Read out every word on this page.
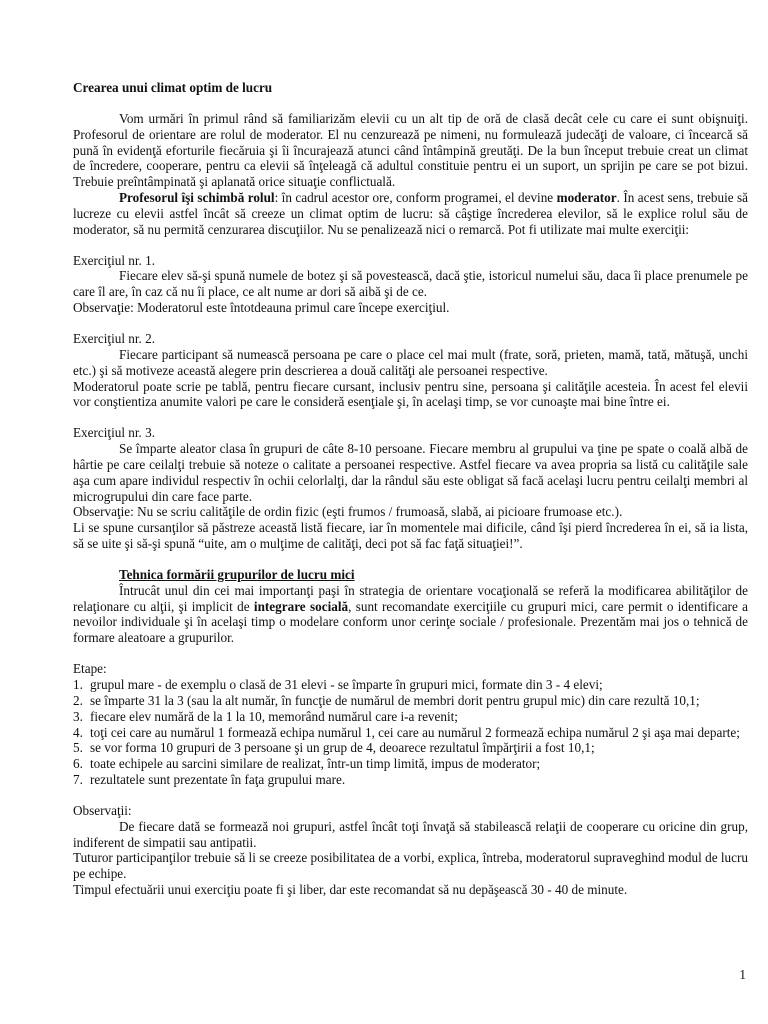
Crearea unui climat optim de lucru

Vom urmări în primul rând să familiarizăm elevii cu un alt tip de oră de clasă decât cele cu care ei sunt obişnuiţi. Profesorul de orientare are rolul de moderator. El nu cenzurează pe nimeni, nu formulează judecăţi de valoare, ci încearcă să pună în evidenţă eforturile fiecăruia şi îi încurajează atunci când întâmpină greutăţi. De la bun început trebuie creat un climat de încredere, cooperare, pentru ca elevii să înţeleagă că adultul constituie pentru ei un suport, un sprijin pe care se pot bizui. Trebuie preîntâmpinată şi aplanată orice situaţie conflictuală.

Profesorul îşi schimbă rolul: în cadrul acestor ore, conform programei, el devine moderator. În acest sens, trebuie să lucreze cu elevii astfel încât să creeze un climat optim de lucru: să câştige încrederea elevilor, să le explice rolul său de moderator, să nu permită cenzurarea discuţiilor. Nu se penalizează nici o remarcă. Pot fi utilizate mai multe exerciţii:

Exerciţiul nr. 1.

Fiecare elev să-şi spună numele de botez şi să povestească, dacă ştie, istoricul numelui său, daca îi place prenumele pe care îl are, în caz că nu îi place, ce alt nume ar dori să aibă şi de ce.

Observaţie: Moderatorul este întotdeauna primul care începe exerciţiul.

Exerciţiul nr. 2.

Fiecare participant să numească persoana pe care o place cel mai mult (frate, soră, prieten, mamă, tată, mătuşă, unchi etc.) şi să motiveze această alegere prin descrierea a două calităţi ale persoanei respective.

Moderatorul poate scrie pe tablă, pentru fiecare cursant, inclusiv pentru sine, persoana şi calităţile acesteia. În acest fel elevii vor conştientiza anumite valori pe care le consideră esenţiale şi, în acelaşi timp, se vor cunoaşte mai bine între ei.

Exerciţiul nr. 3.

Se împarte aleator clasa în grupuri de câte 8-10 persoane. Fiecare membru al grupului va ţine pe spate o coală albă de hârtie pe care ceilalţi trebuie să noteze o calitate a persoanei respective. Astfel fiecare va avea propria sa listă cu calităţile sale aşa cum apare individul respectiv în ochii celorlalţi, dar la rândul său este obligat să facă acelaşi lucru pentru ceilalţi membri al microgrupului din care face parte.

Observaţie: Nu se scriu calităţile de ordin fizic (eşti frumos / frumoasă, slabă, ai picioare frumoase etc.).

Li se spune cursanţilor să păstreze această listă fiecare, iar în momentele mai dificile, când îşi pierd încrederea în ei, să ia lista, să se uite şi să-şi spună “uite, am o mulţime de calităţi, deci pot să fac faţă situaţiei!”.

Tehnica formării grupurilor de lucru mici

Întrucât unul din cei mai importanţi paşi în strategia de orientare vocaţională se referă la modificarea abilităţilor de relaţionare cu alţii, şi implicit de integrare socială, sunt recomandate exerciţiile cu grupuri mici, care permit o identificare a nevoilor individuale şi în acelaşi timp o modelare conform unor cerinţe sociale / profesionale. Prezentăm mai jos o tehnică de formare aleatoare a grupurilor.

Etape:

1. grupul mare - de exemplu o clasă de 31 elevi - se împarte în grupuri mici, formate din 3 - 4 elevi;
2. se împarte 31 la 3 (sau la alt număr, în funcţie de numărul de membri dorit pentru grupul mic) din care rezultă 10,1;
3. fiecare elev numără de la 1 la 10, memorând numărul care i-a revenit;
4. toţi cei care au numărul 1 formează echipa numărul 1, cei care au numărul 2 formează echipa numărul 2 şi aşa mai departe;
5. se vor forma 10 grupuri de 3 persoane şi un grup de 4, deoarece rezultatul împărţirii a fost 10,1;
6. toate echipele au sarcini similare de realizat, într-un timp limită, impus de moderator;
7. rezultatele sunt prezentate în faţa grupului mare.

Observaţii:

De fiecare dată se formează noi grupuri, astfel încât toţi învaţă să stabilească relaţii de cooperare cu oricine din grup, indiferent de simpatii sau antipatii.

Tuturor participanţilor trebuie să li se creeze posibilitatea de a vorbi, explica, întreba, moderatorul supraveghind modul de lucru pe echipe.

Timpul efectuării unui exerciţiu poate fi şi liber, dar este recomandat să nu depăşească 30 - 40 de minute.

1
